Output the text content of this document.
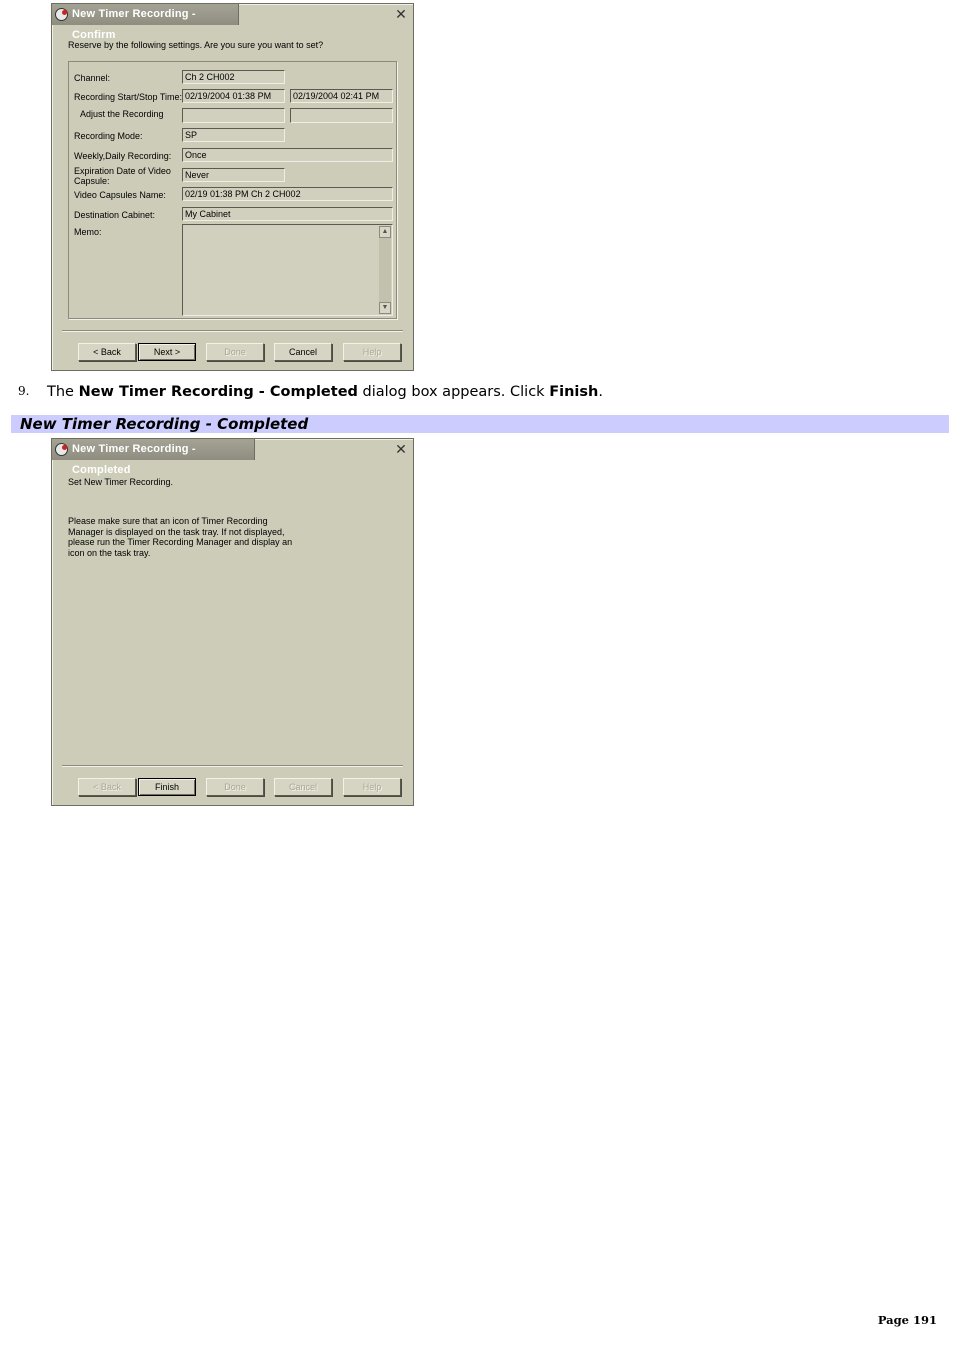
New Timer Recording - Confirm
✕
Reserve by the following settings. Are you sure you want to set?
Channel:	Ch 2 CH002
Recording Start/Stop Time: 02/19/2004 01:38 PM	02/19/2004 02:41 PM
Adjust the Recording
Recording Mode:	SP
Weekly,Daily Recording:	Once
Expiration Date of Video Capsule:
Never
Video Capsules Name:	02/19 01:38 PM Ch 2 CH002
Destination Cabinet:	My Cabinet
Memo:	▲
▼
< Back	Next >	Done	Cancel	Help
9. The New Timer Recording - Completed dialog box appears. Click Finish.
New Timer Recording - Completed
New Timer Recording - Completed
✕
Set New Timer Recording.
Please make sure that an icon of Timer Recording
Manager is displayed on the task tray. If not displayed,
please run the Timer Recording Manager and display an
icon on the task tray.
< Back	Finish	Done	Cancel	Help
Page 191
